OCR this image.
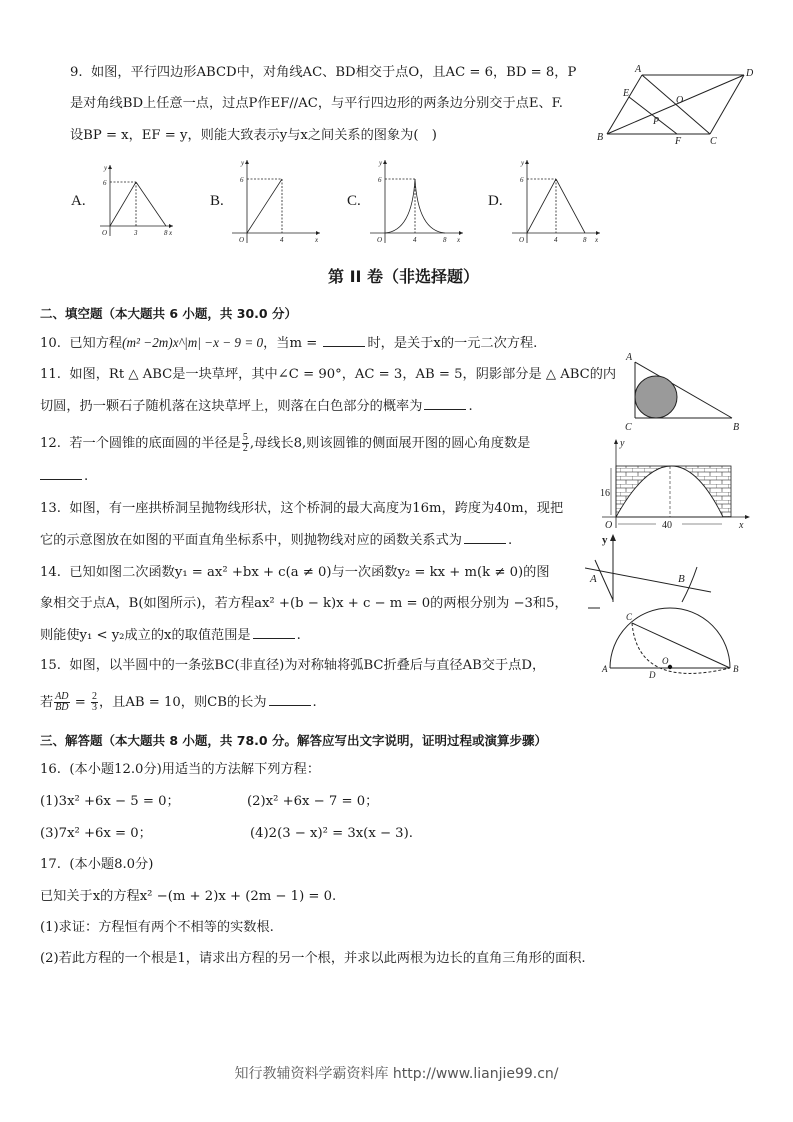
9. 如图，平行四边形ABCD中，对角线AC、BD相交于点O，且AC = 6，BD = 8，P
是对角线BD上任意一点，过点P作EF//AC，与平行四边形的两条边分别交于点E、F.
设BP = x，EF = y，则能大致表示y与x之间关系的图象为(　)
A	D
B	C
E
F
O
P
A.
y
6
O	3	8 x
B.
y
6
O	4	x
C.
y
6
O	4	8 x
D.
y
6
O	4	8 x
第 II 卷（非选择题）
二、填空题（本大题共 6 小题，共 30.0 分）
10. 已知方程(m² −2m)x^|m| −x − 9 = 0，当m =	时，是关于x的一元二次方程.
11. 如图，Rt △ ABC是一块草坪，其中∠C = 90°，AC = 3，AB = 5，阴影部分是 △ ABC的内
切圆，扔一颗石子随机落在这块草坪上，则落在白色部分的概率为	.
A
C	B
12. 若一个圆锥的底面圆的半径是 $\frac{5}{2}$ ,母线长8,则该圆锥的侧面展开图的圆心角度数是
.
y
16
O	40	x
13. 如图，有一座拱桥洞呈抛物线形状，这个桥洞的最大高度为16m，跨度为40m，现把
它的示意图放在如图的平面直角坐标系中，则抛物线对应的函数关系式为	.
14. 已知如图二次函数y₁ = ax² +bx + c(a ≠ 0)与一次函数y₂ = kx + m(k ≠ 0)的图
象相交于点A，B(如图所示)，若方程ax² +(b − k)x + c − m = 0的两根分别为 −3和5，
则能使y₁ < y₂成立的x的取值范围是	.
y
A	B
A	B
C
D
O
15. 如图，以半圆中的一条弦BC(非直径)为对称轴将弧BC折叠后与直径AB交于点D，
若 $\frac{AD}{BD} = \frac{2}{3}$ ，且AB = 10，则CB的长为	.
三、解答题（本大题共 8 小题，共 78.0 分。解答应写出文字说明，证明过程或演算步骤）
16. (本小题12.0分)用适当的方法解下列方程：
(1)3x² +6x − 5 = 0；	(2)x² +6x − 7 = 0；
(3)7x² +6x = 0；	(4)2(3 − x)² = 3x(x − 3).
17. (本小题8.0分)
已知关于x的方程x² −(m + 2)x + (2m − 1) = 0.
(1)求证：方程恒有两个不相等的实数根.
(2)若此方程的一个根是1，请求出方程的另一个根，并求以此两根为边长的直角三角形的面积.
知行教辅资料学霸资料库 http://www.lianjie99.cn/
